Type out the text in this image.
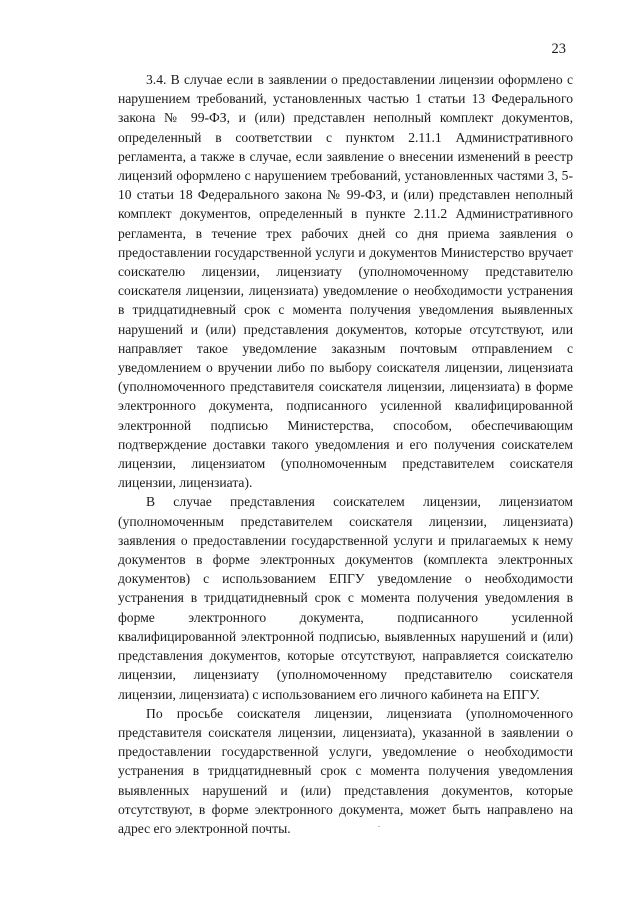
23

3.4. В случае если в заявлении о предоставлении лицензии оформлено с нарушением требований, установленных частью 1 статьи 13 Федерального закона № 99-ФЗ, и (или) представлен неполный комплект документов, определенный в соответствии с пунктом 2.11.1 Административного регламента, а также в случае, если заявление о внесении изменений в реестр лицензий оформлено с нарушением требований, установленных частями 3, 5-10 статьи 18 Федерального закона № 99-ФЗ, и (или) представлен неполный комплект документов, определенный в пункте 2.11.2 Административного регламента, в течение трех рабочих дней со дня приема заявления о предоставлении государственной услуги и документов Министерство вручает соискателю лицензии, лицензиату (уполномоченному представителю соискателя лицензии, лицензиата) уведомление о необходимости устранения в тридцатидневный срок с момента получения уведомления выявленных нарушений и (или) представления документов, которые отсутствуют, или направляет такое уведомление заказным почтовым отправлением с уведомлением о вручении либо по выбору соискателя лицензии, лицензиата (уполномоченного представителя соискателя лицензии, лицензиата) в форме электронного документа, подписанного усиленной квалифицированной электронной подписью Министерства, способом, обеспечивающим подтверждение доставки такого уведомления и его получения соискателем лицензии, лицензиатом (уполномоченным представителем соискателя лицензии, лицензиата).

В случае представления соискателем лицензии, лицензиатом (уполномоченным представителем соискателя лицензии, лицензиата) заявления о предоставлении государственной услуги и прилагаемых к нему документов в форме электронных документов (комплекта электронных документов) с использованием ЕПГУ уведомление о необходимости устранения в тридцатидневный срок с момента получения уведомления в форме электронного документа, подписанного усиленной квалифицированной электронной подписью, выявленных нарушений и (или) представления документов, которые отсутствуют, направляется соискателю лицензии, лицензиату (уполномоченному представителю соискателя лицензии, лицензиата) с использованием его личного кабинета на ЕПГУ.

По просьбе соискателя лицензии, лицензиата (уполномоченного представителя соискателя лицензии, лицензиата), указанной в заявлении о предоставлении государственной услуги, уведомление о необходимости устранения в тридцатидневный срок с момента получения уведомления выявленных нарушений и (или) представления документов, которые отсутствуют, в форме электронного документа, может быть направлено на адрес его электронной почты.
